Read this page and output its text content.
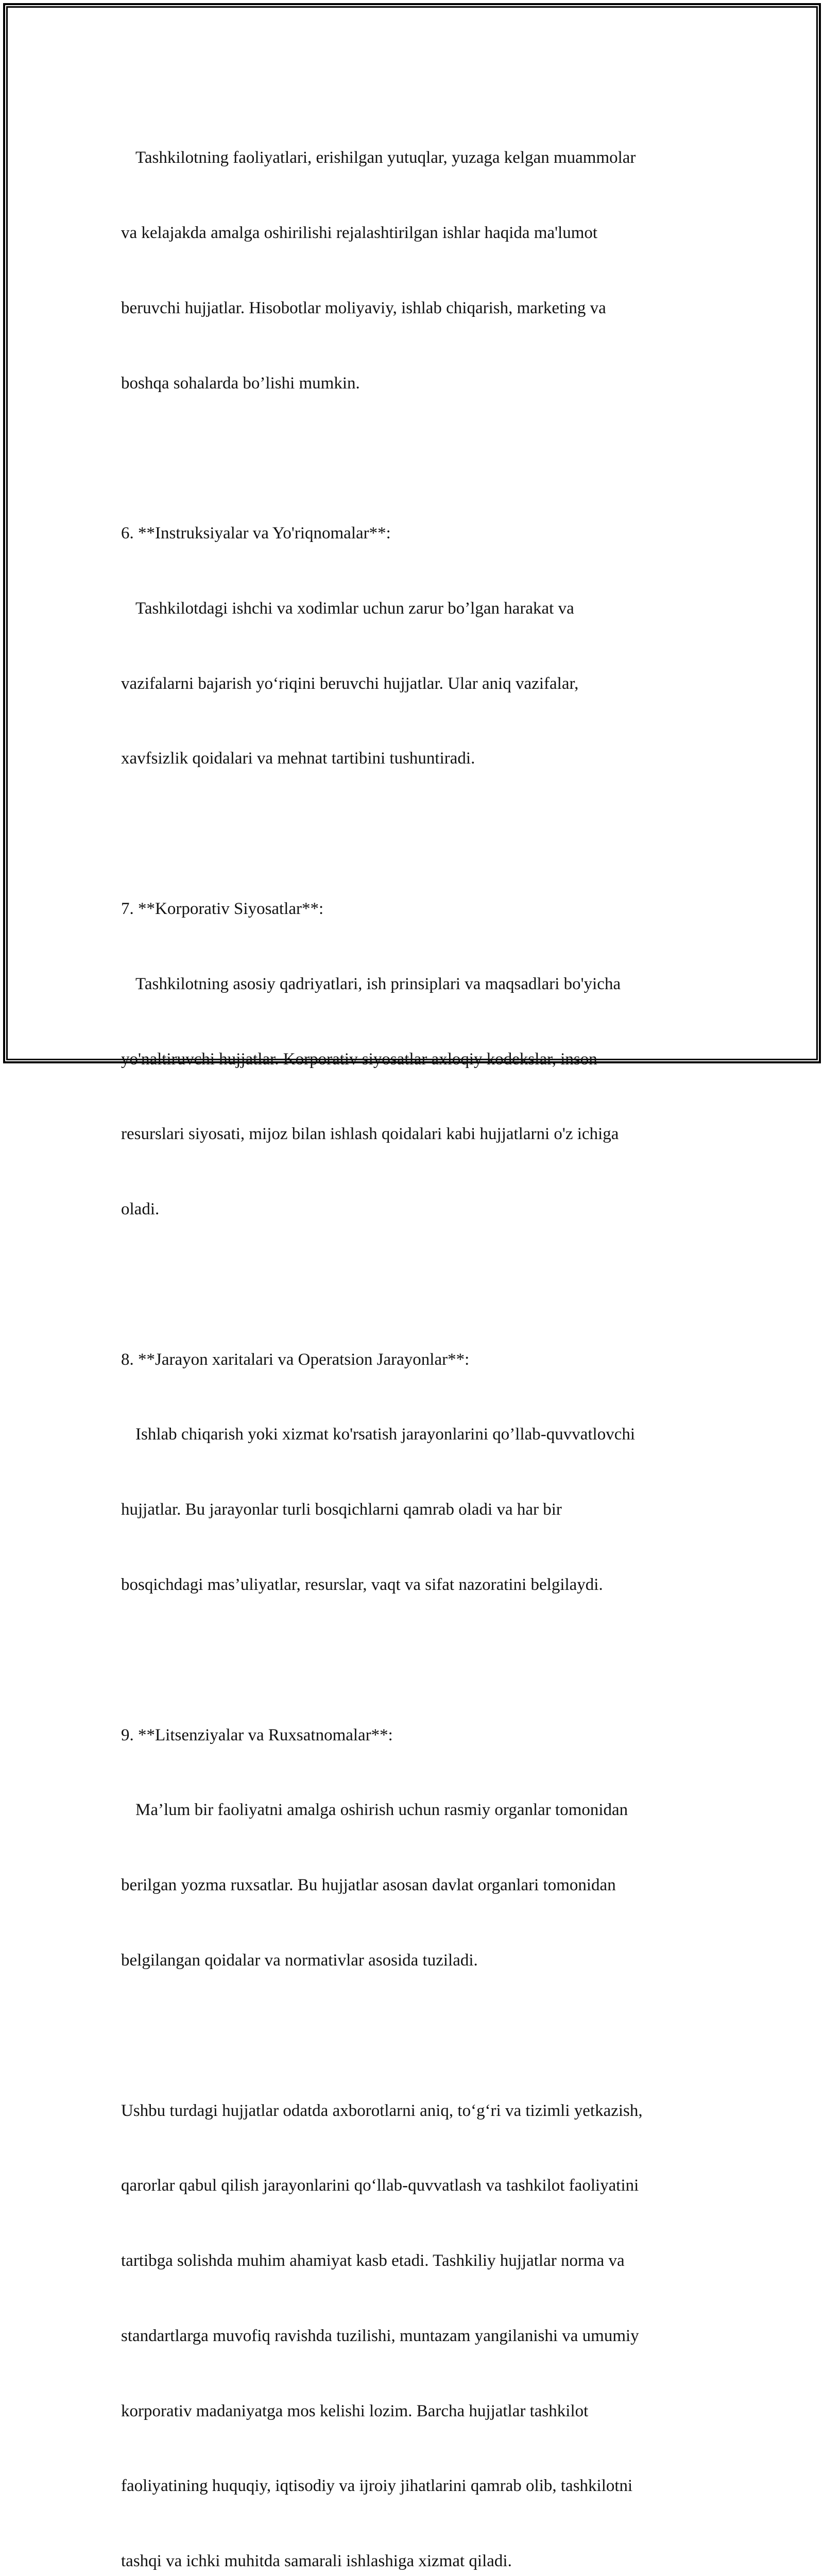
Tashkilotning faoliyatlari, erishilgan yutuqlar, yuzaga kelgan muammolar

va kelajakda amalga oshirilishi rejalashtirilgan ishlar haqida ma'lumot

beruvchi hujjatlar. Hisobotlar moliyaviy, ishlab chiqarish, marketing va

boshqa sohalarda bo’lishi mumkin.

6. **Instruksiyalar va Yo'riqnomalar**:

Tashkilotdagi ishchi va xodimlar uchun zarur bo’lgan harakat va

vazifalarni bajarish yo‘riqini beruvchi hujjatlar. Ular aniq vazifalar,

xavfsizlik qoidalari va mehnat tartibini tushuntiradi.

7. **Korporativ Siyosatlar**:

Tashkilotning asosiy qadriyatlari, ish prinsiplari va maqsadlari bo'yicha

yo'naltiruvchi hujjatlar. Korporativ siyosatlar axloqiy kodekslar, inson

resurslari siyosati, mijoz bilan ishlash qoidalari kabi hujjatlarni o'z ichiga

oladi.

8. **Jarayon xaritalari va Operatsion Jarayonlar**:

Ishlab chiqarish yoki xizmat ko'rsatish jarayonlarini qo’llab-quvvatlovchi

hujjatlar. Bu jarayonlar turli bosqichlarni qamrab oladi va har bir

bosqichdagi mas’uliyatlar, resurslar, vaqt va sifat nazoratini belgilaydi.

9. **Litsenziyalar va Ruxsatnomalar**:

Ma’lum bir faoliyatni amalga oshirish uchun rasmiy organlar tomonidan

berilgan yozma ruxsatlar. Bu hujjatlar asosan davlat organlari tomonidan

belgilangan qoidalar va normativlar asosida tuziladi.

Ushbu turdagi hujjatlar odatda axborotlarni aniq, to‘g‘ri va tizimli yetkazish,

qarorlar qabul qilish jarayonlarini qo‘llab-quvvatlash va tashkilot faoliyatini

tartibga solishda muhim ahamiyat kasb etadi. Tashkiliy hujjatlar norma va

standartlarga muvofiq ravishda tuzilishi, muntazam yangilanishi va umumiy

korporativ madaniyatga mos kelishi lozim. Barcha hujjatlar tashkilot

faoliyatining huquqiy, iqtisodiy va ijroiy jihatlarini qamrab olib, tashkilotni

tashqi va ichki muhitda samarali ishlashiga xizmat qiladi.
